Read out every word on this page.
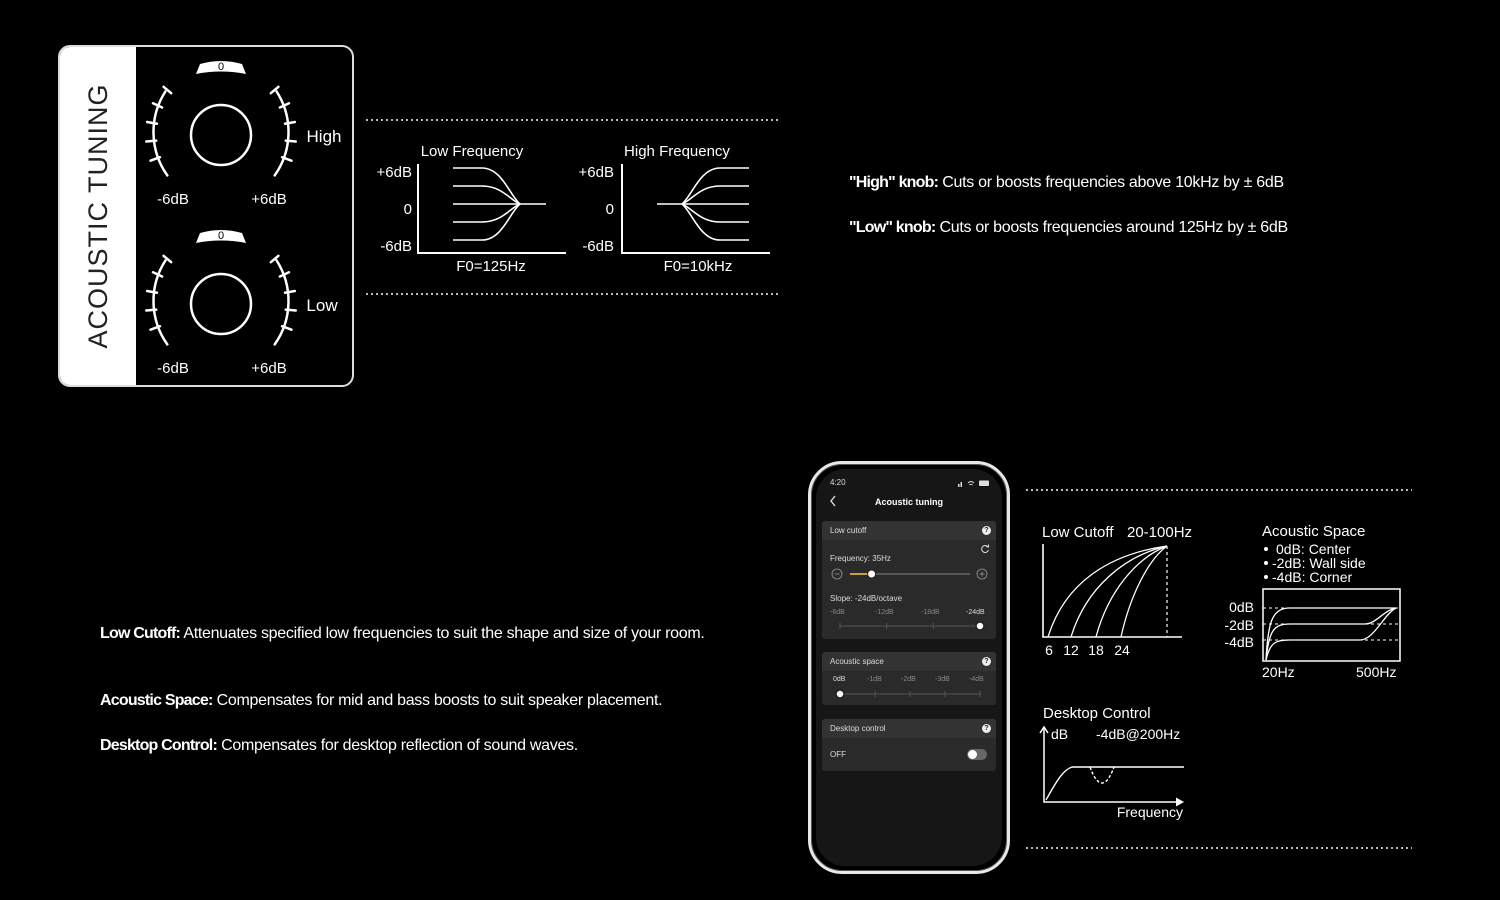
ACOUSTIC TUNING
0
High
-6dB	+6dB
0
Low
-6dB	+6dB
Low Frequency
+6dB
0
-6dB
F0=125Hz
High Frequency
+6dB
0
-6dB
F0=10kHz
"High" knob: Cuts or boosts frequencies above 10kHz by ± 6dB
"Low" knob: Cuts or boosts frequencies around 125Hz by ± 6dB
Low Cutoff: Attenuates specified low frequencies to suit the shape and size of your room.
Acoustic Space: Compensates for mid and bass boosts to suit speaker placement.
Desktop Control: Compensates for desktop reflection of sound waves.
4:20
Acoustic tuning
Low cutoff	?
Frequency: 35Hz
Slope: -24dB/octave
-6dB	-12dB	-18dB	-24dB
Acoustic space	?
0dB	-1dB	-2dB	-3dB	-4dB
Desktop control	?
OFF
Low Cutoff 20-100Hz
6 12 18 24
Acoustic Space
0dB: Center
-2dB: Wall side
-4dB: Corner
0dB
-2dB
-4dB
20Hz	500Hz
Desktop Control
dB -4dB@200Hz
Frequency
